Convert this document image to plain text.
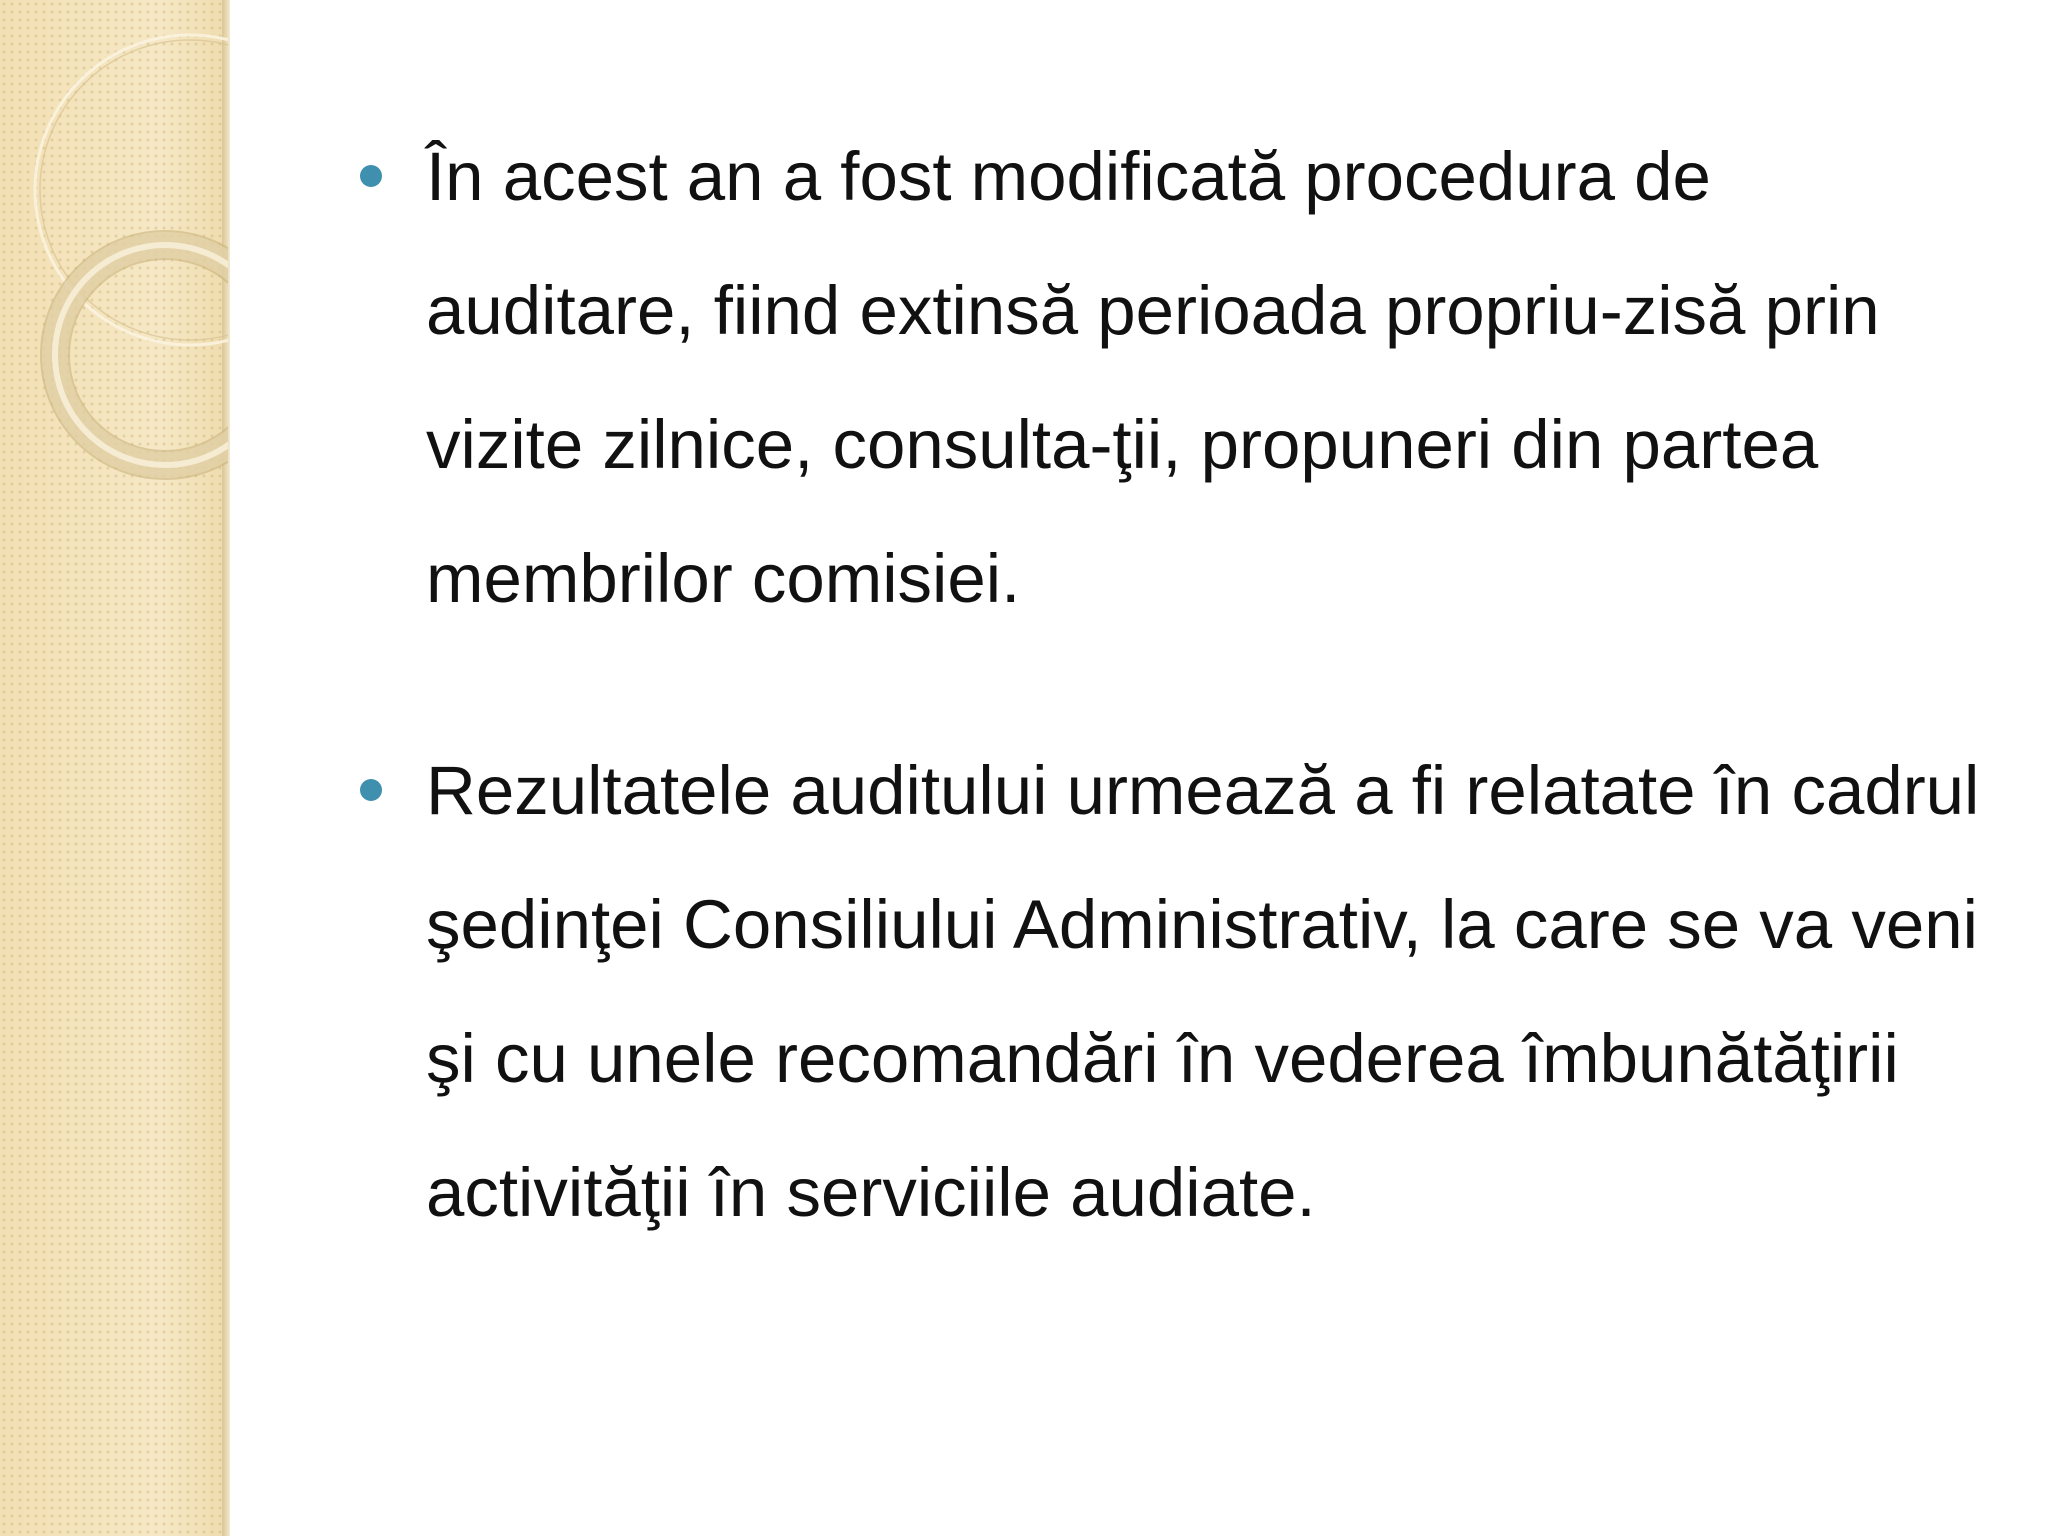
În acest an a fost modificată procedura de auditare, fiind extinsă perioada propriu-zisă prin vizite zilnice, consulta-ţii, propuneri din partea membrilor comisiei.

Rezultatele auditului urmează a fi relatate în cadrul şedinţei Consiliului Administrativ, la care se va veni şi cu unele recomandări în vederea îmbunătăţirii activităţii în serviciile audiate.
